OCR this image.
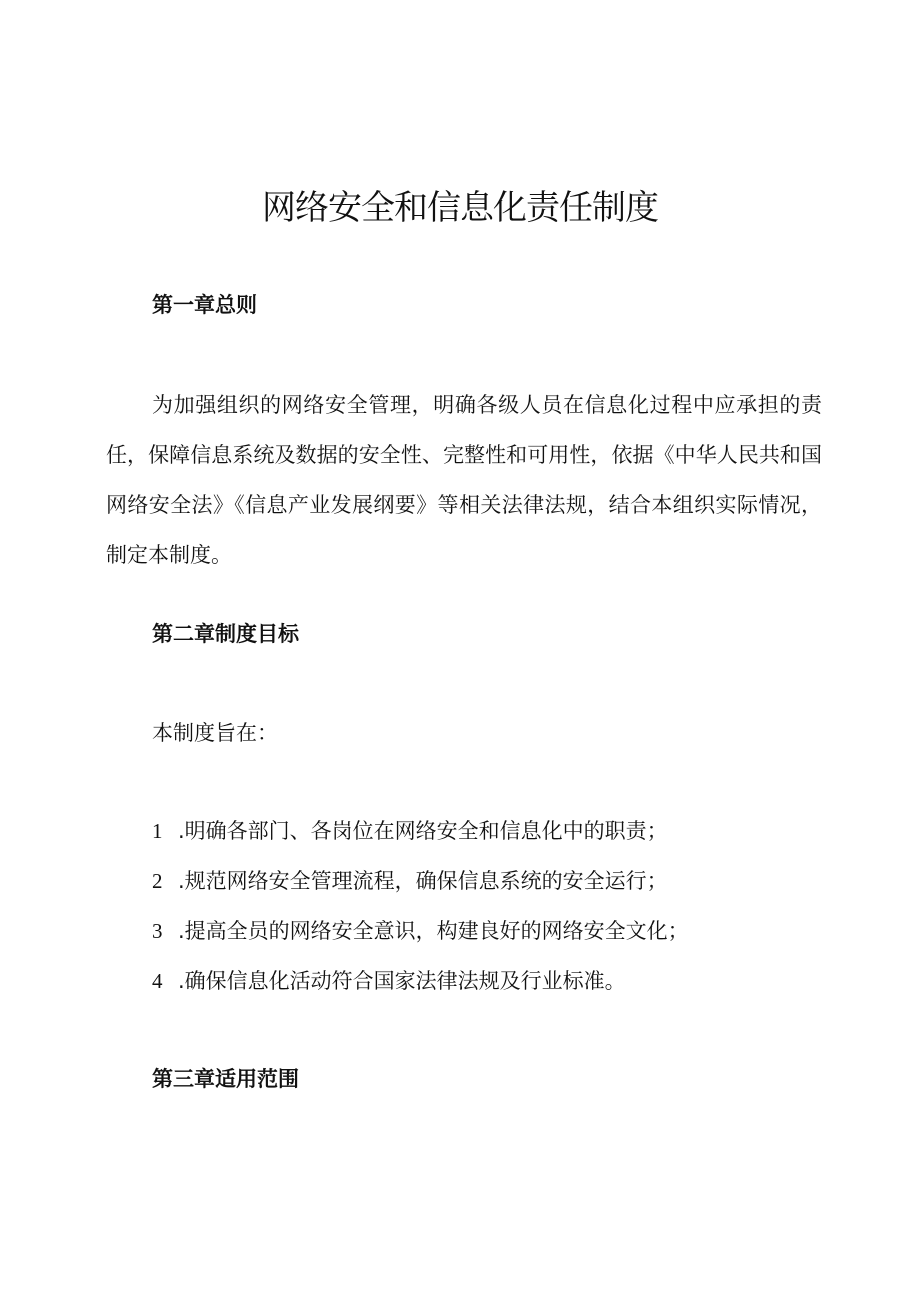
网络安全和信息化责任制度
第一章总则

为加强组织的网络安全管理，明确各级人员在信息化过程中应承担的责任，保障信息系统及数据的安全性、完整性和可用性，依据《中华人民共和国网络安全法》《信息产业发展纲要》等相关法律法规，结合本组织实际情况，制定本制度。

第二章制度目标

本制度旨在：

1 .明确各部门、各岗位在网络安全和信息化中的职责；
2 .规范网络安全管理流程，确保信息系统的安全运行；
3 .提高全员的网络安全意识，构建良好的网络安全文化；
4 .确保信息化活动符合国家法律法规及行业标准。
第三章适用范围
